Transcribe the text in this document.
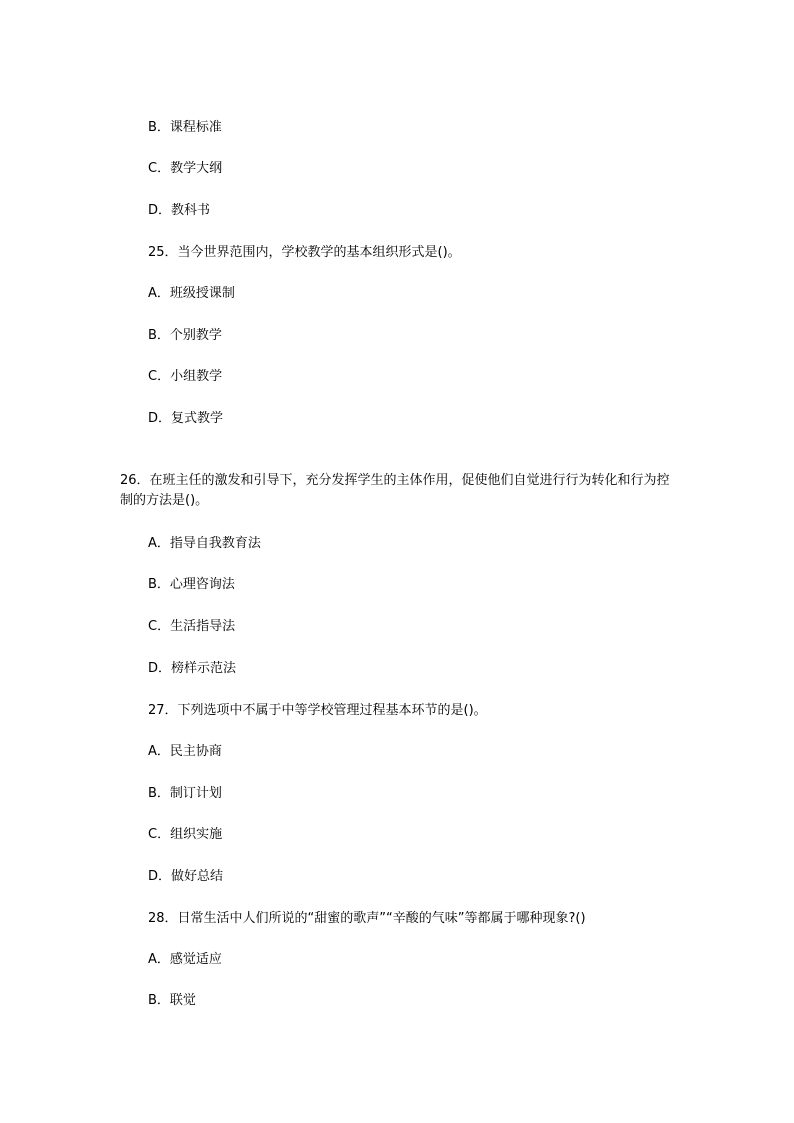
B．课程标准
C．教学大纲
D．教科书
25．当今世界范围内，学校教学的基本组织形式是()。
A．班级授课制
B．个别教学
C．小组教学
D．复式教学
26．在班主任的激发和引导下，充分发挥学生的主体作用，促使他们自觉进行行为转化和行为控制的方法是()。
A．指导自我教育法
B．心理咨询法
C．生活指导法
D．榜样示范法
27．下列选项中不属于中等学校管理过程基本环节的是()。
A．民主协商
B．制订计划
C．组织实施
D．做好总结
28．日常生活中人们所说的“甜蜜的歌声”“辛酸的气味”等都属于哪种现象?()
A．感觉适应
B．联觉
